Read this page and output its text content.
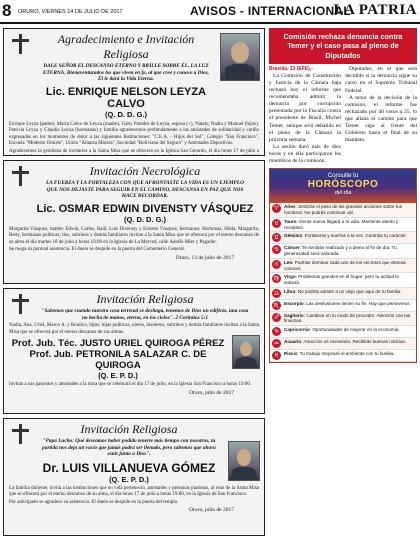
8 ORURO, VIERNES 14 DE JULIO DE 2017	AVISOS - INTERNACIONAL
LA PATRIA
Agradecimiento e Invitación Religiosa
DALE SEÑOR EL DESCANSO ETERNO Y BRILLE SOBRE ÉL, LA LUZ ETERNA. Bienaventurados los que viven en fe, al que cree y conoce a Dios, Él le dará la Vida Eterna.
Lic. ENRIQUE NELSON LEYZA CALVO
(Q. D. D. G.)

Enrique Leyza (padre), María Calvo de Leyza (madre), Gaby Paredes de Leyza, esposa (+), Nataly, Nadia y Manuel (hijos), Patricia Leyza y Claudia Leyza (hermanas) y familia agradecemos profundamente a las amistades de solidaridad y cariño expresadas en los momentos de dolor a las siguientes Instituciones: "C.E.A. - Hijos del Sol", Colegio "San Francisco", Escuela "Modesto Omiste", Unión "Alianza Minera", Sociedad "Boliviana del Seguro" y Amistades Deportivas.

Agradecemos la gentileza de invitarles a la Santa Misa que se ofrecerá en la Iglesia San Gerardo, el día lunes 17 de julio a

Invitación Necrológica
LA FUERZA Y LA FORTALEZA CON QUE AFRONTASTE LA VIDA ES UN EJEMPLO QUE NOS DEJASTE PARA SEGUIR EN EL CAMINO, DESCANSA EN PAZ QUE NOS HACE RECORDAR.
Lic. OSMAR EDWIN DIVENSTY VÁSQUEZ
(Q. D. D. G.)

Margarita Vásquez, madre; Edwin, Carlos, Raúl, Luis Divensty y Ernesto Vásquez, hermanos; Hortensia, Hilda, Margarita, Betty, hermanas políticas; tíos, sobrinos y demás familiares invitan a la Santa Misa que se ofrecerá por el eterno descanso de su alma el día martes 18 de julio a horas 19:00 en la Iglesia de La Merced, calle Adolfo Mier y Pagador.

Se ruega su puntual asistencia. El duelo se despide en la puerta del Cementerio General.

Oruro, 13 de julio de 2017
Invitación Religiosa
"Sabemos que cuando nuestra casa terrenal se deshaga, tenemos de Dios un edificio, una casa no hecha de manos, eterna, en los cielos". 2 Corintios 5:1

Nadia, Ana, Uriel, Marco A. y Boulico, hijos; hijas políticas, nietos, bisnietos, sobrinos y demás familiares invitan a la Santa Misa que se ofrecerá por el eterno descanso de sus almas.

Prof. Jub. Téc. JUSTO URIEL QUIROGA PÉREZ
Prof. Jub. PETRONILA SALAZAR C. DE QUIROGA
(Q. E. P. D.)

Invitan a sus parientes y amistades a la misa que se celebrará el día 17 de julio, en la Iglesia San Francisco a horas 19:00.

Oruro, julio de 2017
Invitación Religiosa
"Papá Lucho: Qué deseamos haber podido tenerte más tiempo con nosotros, tu partida nos deja un vacío que jamás podrá ser llenado, pero sabemos que ahora estás junto a Dios".
Dr. LUIS VILLANUEVA GÓMEZ
(Q. E. P. D.)

La familia doliente, invita a las instituciones que en vida perteneció, amistades y personas piadosas, al rezo de la Santa Misa que se ofrecerá por el eterno descanso de su alma, el día lunes 17 de julio a horas 19:00, en la Iglesia de San Francisco.

Por anticipado se agradece su asistencia. El duelo se despide en la puerta del templo.

Oruro, julio de 2017
Comisión rechaza denuncia contra Temer y el caso pasa al pleno de Diputados
Brasilia, 13 (EFE).-

La Comisión de Constitución y Justicia de la Cámara baja rechazó hoy el informe que recomendaba admitir la denuncia por corrupción presentada por la Fiscalía contra el presidente de Brasil, Michel Temer, aunque será debatida en el pleno de la Cámara la próxima semana.

La sesión duró más de diez horas y en ella participaron los miembros de la comisión.

Diputados, en el que será decidido si la denuncia sigue su curso en el Supremo Tribunal Federal.

A tenor de la decisión de la comisión, el informe fue rechazado por 40 votos a 25, lo que allana el camino para que Temer siga al frente del Gobierno hasta el final de su mandato.

Consulte tu
HORÓSCOPO
del día
♈	Aries: Sentirás el peso de las grandes acciones sobre tus hombros. No podrás continuar así.
♉	Tauro: Gente nueva llegará a tu vida. Mantente atento y receptivo.
♊	Géminis: Fortalezas y sueños a la vez. Controla tu carácter.
♋	Cáncer: Te sentirás realizado y a pleno al fin de día. Tu generosidad será valorada.
♌	Leo: Podrías dominar cada uno de los secretos que deseas conocer.
♍	Virgo: Problemas grandes en el hogar; pero tu actitud te salvará.
♎	Libra: No podrás admitir a un viejo que aquí de tu familia.
♏	Escorpio: Las desilusiones tienen su fin. Hay que perseverar.
♐	Sagitario: Cambios en tu modo de proceder. Atención con las finanzas.
♑	Capricornio: Oportunidades de mejorar en la economía.
♒	Acuario: Atracción es necesaria. Recibirás buenas noticias.
♓	Piscis: Tu trabajo mejorará el ambiente con tu familia.
